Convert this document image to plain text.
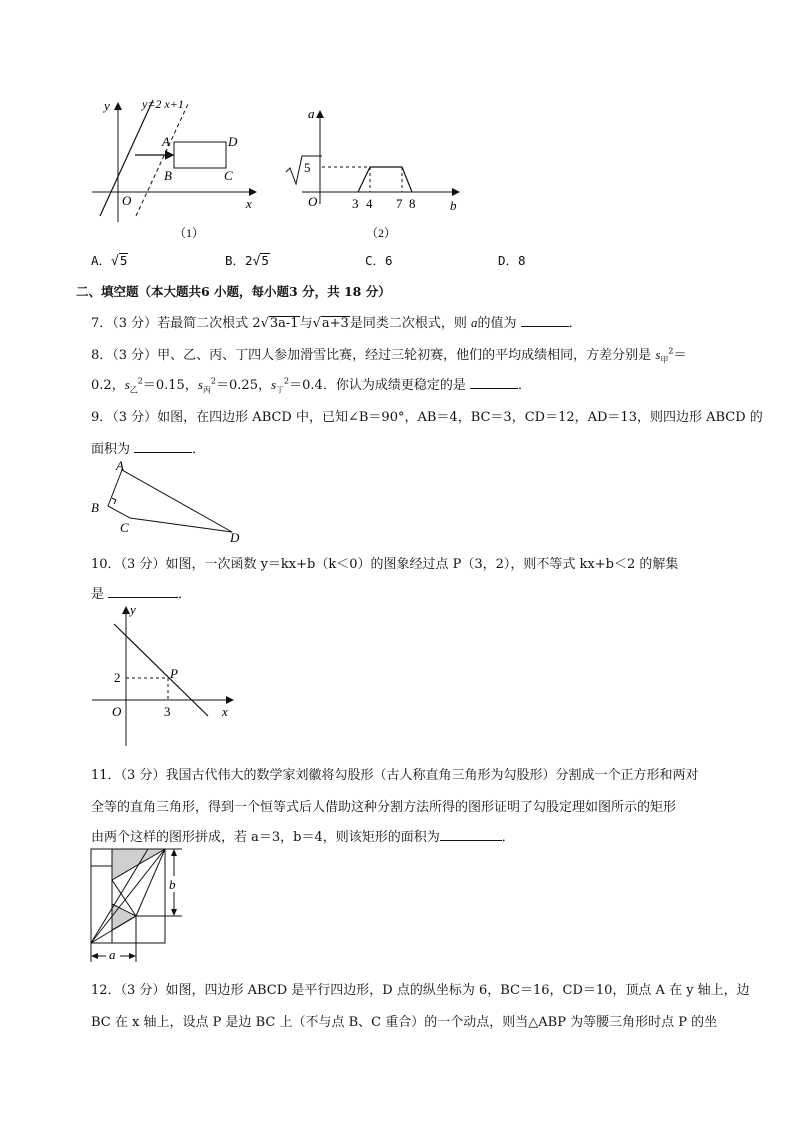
y	y=2 x+1
A	D
B	C
O	x
（1）
a
5
O	3 4 7 8	b
（2）
A．√5	B．2√5	C．6	D．8
二、填空题（本大题共6 小题，每小题3 分，共 18 分）
7．（3 分）若最简二次根式 2√3a-1与√a+3是同类二次根式，则 a的值为	．
8．（3 分）甲、乙、丙、丁四人参加滑雪比赛，经过三轮初赛，他们的平均成绩相同，方差分别是 $s_甲^2=$
0.2，$s_乙^2=0.15$，$s_丙^2=0.25$，$s_丁^2=0.4$．你认为成绩更稳定的是	．
9．（3 分）如图，在四边形 ABCD 中，已知∠B＝90°，AB＝4，BC＝3，CD＝12，AD＝13，则四边形 ABCD 的
面积为	．
A
B
C
D
10．（3 分）如图，一次函数 y＝kx+b（k＜0）的图象经过点 P（3，2），则不等式 kx+b＜2 的解集
是	．
y
2	P
O	3	x
11．（3 分）我国古代伟大的数学家刘徽将勾股形（古人称直角三角形为勾股形）分割成一个正方形和两对
全等的直角三角形，得到一个恒等式后人借助这种分割方法所得的图形证明了勾股定理如图所示的矩形
由两个这样的图形拼成，若 a＝3，b＝4，则该矩形的面积为	．
b
a
12．（3 分）如图，四边形 ABCD 是平行四边形，D 点的纵坐标为 6，BC＝16，CD＝10，顶点 A 在 y 轴上，边
BC 在 x 轴上，设点 P 是边 BC 上（不与点 B、C 重合）的一个动点，则当△ABP 为等腰三角形时点 P 的坐
